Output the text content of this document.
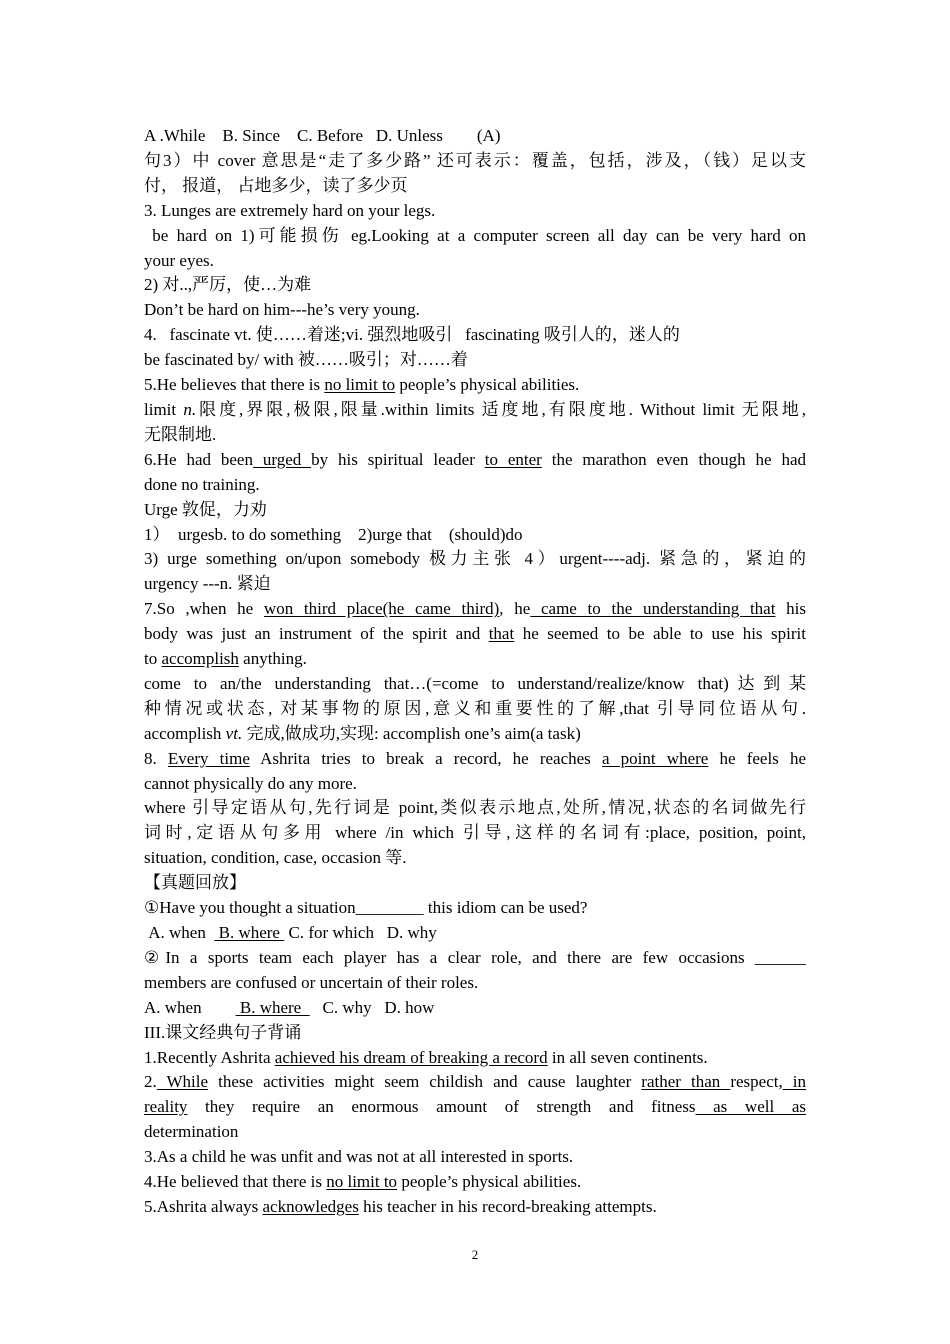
A .While    B. Since    C. Before   D. Unless        (A)
句3）中 cover 意思是“走了多少路” 还可表示：覆盖，包括，涉及，（钱）足以支
付， 报道， 占地多少，读了多少页
3. Lunges are extremely hard on your legs.
be hard on 1)可能损伤 eg.Looking at a computer screen all day can be very hard on
your eyes.
2) 对..,严厉，使…为难
Don’t be hard on him---he’s very young.
4.   fascinate vt. 使……着迷;vi. 强烈地吸引   fascinating 吸引人的，迷人的
be fascinated by/ with 被……吸引；对……着
5.He believes that there is no limit to people’s physical abilities.
limit n.限度,界限,极限,限量.within limits 适度地,有限度地. Without limit 无限地,
无限制地.
6.He had been urged by his spiritual leader to enter the marathon even though he had
done no training.
Urge 敦促，力劝
1）  urgesb. to do something    2)urge that    (should)do
3) urge something on/upon somebody 极力主张 4）urgent----adj. 紧急的，紧迫的
urgency ---n. 紧迫
7.So ,when he won third place(he came third), he came to the understanding that his
body was just an instrument of the spirit and that he seemed to be able to use his spirit
to accomplish anything.
come to an/the understanding that…(=come to understand/realize/know that)达到某
种情况或状态, 对某事物的原因,意义和重要性的了解,that 引导同位语从句.
accomplish vt. 完成,做成功,实现: accomplish one’s aim(a task)
8. Every time Ashrita tries to break a record, he reaches a point where he feels he
cannot physically do any more.
where 引导定语从句,先行词是 point,类似表示地点,处所,情况,状态的名词做先行
词时,定语从句多用 where /in which 引导,这样的名词有:place, position, point,
situation, condition, case, occasion 等.
【真题回放】
①Have you thought a situation________ this idiom can be used?
A. when   B. where  C. for which   D. why
②In a sports team each player has a clear role, and there are few occasions ______
members are confused or uncertain of their roles.
A. when         B. where     C. why   D. how
III.课文经典句子背诵
1.Recently Ashrita achieved his dream of breaking a record in all seven continents.
2. While these activities might seem childish and cause laughter rather than respect, in
reality they require an enormous amount of strength and fitness as well as
determination
3.As a child he was unfit and was not at all interested in sports.
4.He believed that there is no limit to people’s physical abilities.
5.Ashrita always acknowledges his teacher in his record-breaking attempts.
2
